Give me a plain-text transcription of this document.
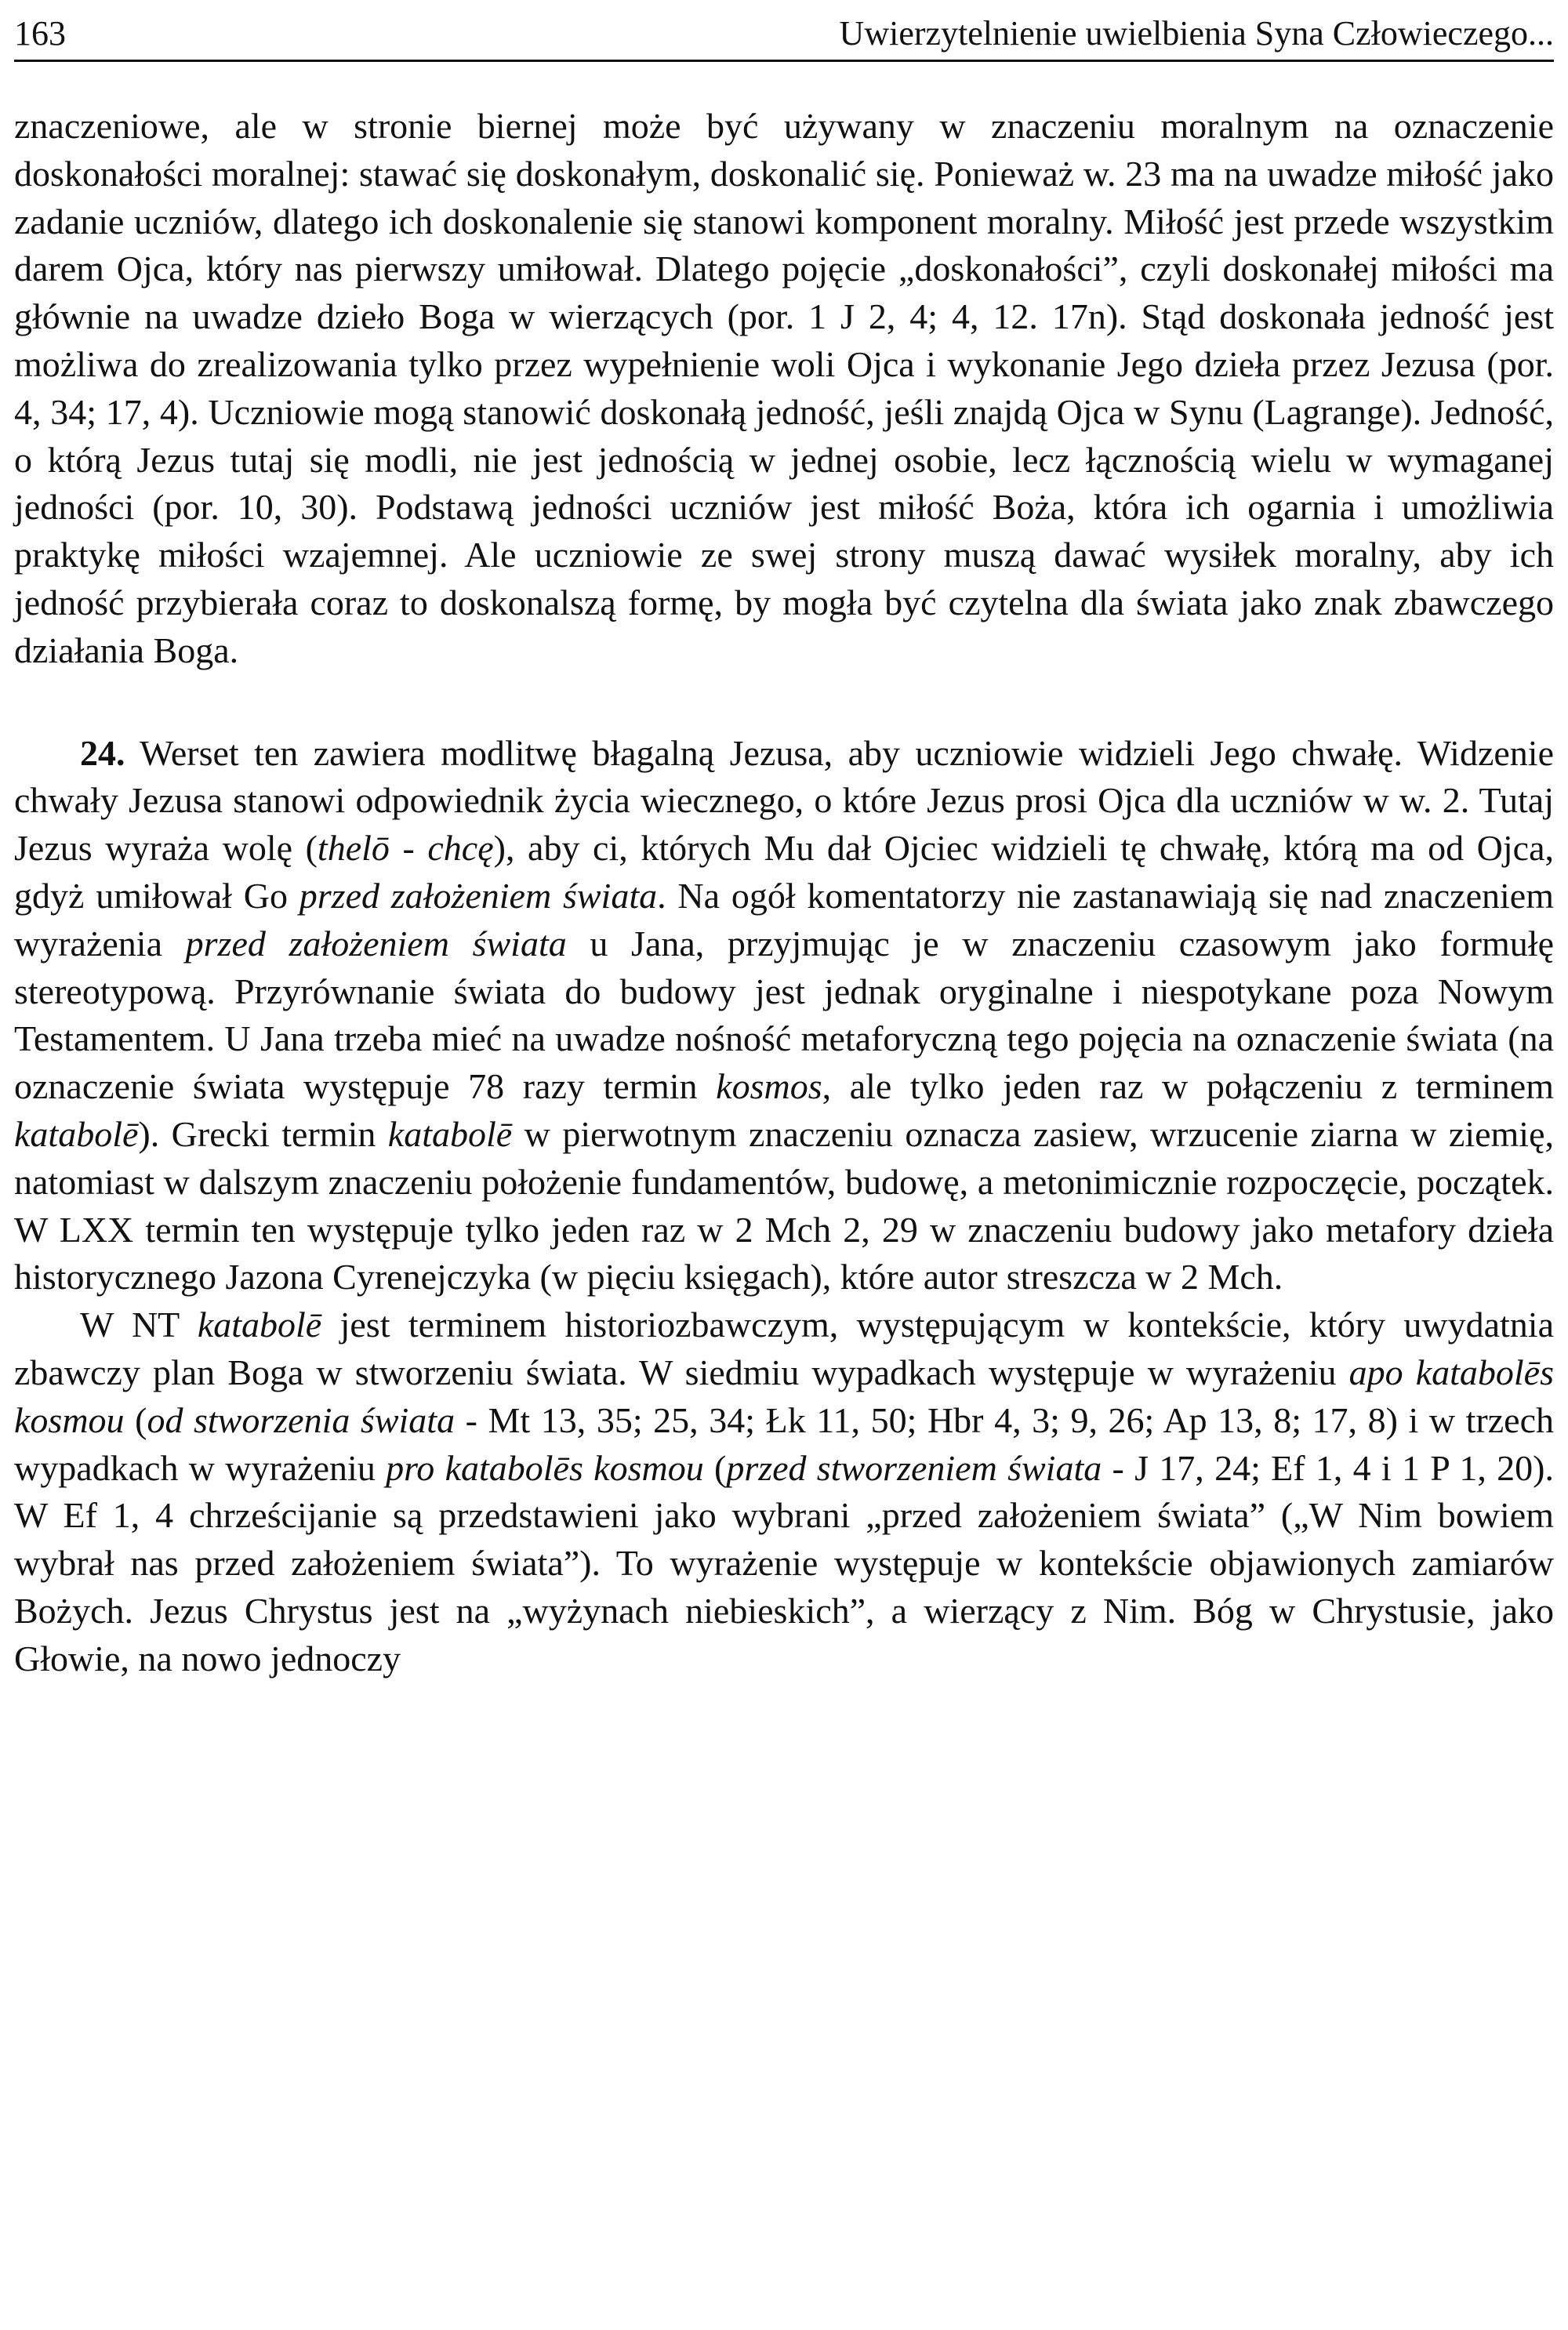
163	Uwierzytelnienie uwielbienia Syna Człowieczego...

znaczeniowe, ale w stronie biernej może być używany w znaczeniu moralnym na oznaczenie doskonałości moralnej: stawać się doskonałym, doskonalić się. Ponieważ w. 23 ma na uwadze miłość jako zadanie uczniów, dlatego ich doskonalenie się stanowi komponent moralny. Miłość jest przede wszystkim darem Ojca, który nas pierwszy umiłował. Dlatego pojęcie „doskonałości”, czyli doskonałej miłości ma głównie na uwadze dzieło Boga w wierzących (por. 1 J 2, 4; 4, 12. 17n). Stąd doskonała jedność jest możliwa do zrealizowania tylko przez wypełnienie woli Ojca i wykonanie Jego dzieła przez Jezusa (por. 4, 34; 17, 4). Uczniowie mogą stanowić doskonałą jedność, jeśli znajdą Ojca w Synu (Lagrange). Jedność, o którą Jezus tutaj się modli, nie jest jednością w jednej osobie, lecz łącznością wielu w wymaganej jedności (por. 10, 30). Podstawą jedności uczniów jest miłość Boża, która ich ogarnia i umożliwia praktykę miłości wzajemnej. Ale uczniowie ze swej strony muszą dawać wysiłek moralny, aby ich jedność przybierała coraz to doskonalszą formę, by mogła być czytelna dla świata jako znak zbawczego działania Boga.

24. Werset ten zawiera modlitwę błagalną Jezusa, aby uczniowie widzieli Jego chwałę. Widzenie chwały Jezusa stanowi odpowiednik życia wiecznego, o które Jezus prosi Ojca dla uczniów w w. 2. Tutaj Jezus wyraża wolę (thelō - chcę), aby ci, których Mu dał Ojciec widzieli tę chwałę, którą ma od Ojca, gdyż umiłował Go przed założeniem świata. Na ogół komentatorzy nie zastanawiają się nad znaczeniem wyrażenia przed założeniem świata u Jana, przyjmując je w znaczeniu czasowym jako formułę stereotypową. Przyrównanie świata do budowy jest jednak oryginalne i niespotykane poza Nowym Testamentem. U Jana trzeba mieć na uwadze nośność metaforyczną tego pojęcia na oznaczenie świata (na oznaczenie świata występuje 78 razy termin kosmos, ale tylko jeden raz w połączeniu z terminem katabolē). Grecki termin katabolē w pierwotnym znaczeniu oznacza zasiew, wrzucenie ziarna w ziemię, natomiast w dalszym znaczeniu położenie fundamentów, budowę, a metonimicznie rozpoczęcie, początek. W LXX termin ten występuje tylko jeden raz w 2 Mch 2, 29 w znaczeniu budowy jako metafory dzieła historycznego Jazona Cyrenejczyka (w pięciu księgach), które autor streszcza w 2 Mch.

W NT katabolē jest terminem historiozbawczym, występującym w kontekście, który uwydatnia zbawczy plan Boga w stworzeniu świata. W siedmiu wypadkach występuje w wyrażeniu apo katabolēs kosmou (od stworzenia świata - Mt 13, 35; 25, 34; Łk 11, 50; Hbr 4, 3; 9, 26; Ap 13, 8; 17, 8) i w trzech wypadkach w wyrażeniu pro katabolēs kosmou (przed stworzeniem świata - J 17, 24; Ef 1, 4 i 1 P 1, 20). W Ef 1, 4 chrześcijanie są przedstawieni jako wybrani „przed założeniem świata” („W Nim bowiem wybrał nas przed założeniem świata”). To wyrażenie występuje w kontekście objawionych zamiarów Bożych. Jezus Chrystus jest na „wyżynach niebieskich”, a wierzący z Nim. Bóg w Chrystusie, jako Głowie, na nowo jednoczy
